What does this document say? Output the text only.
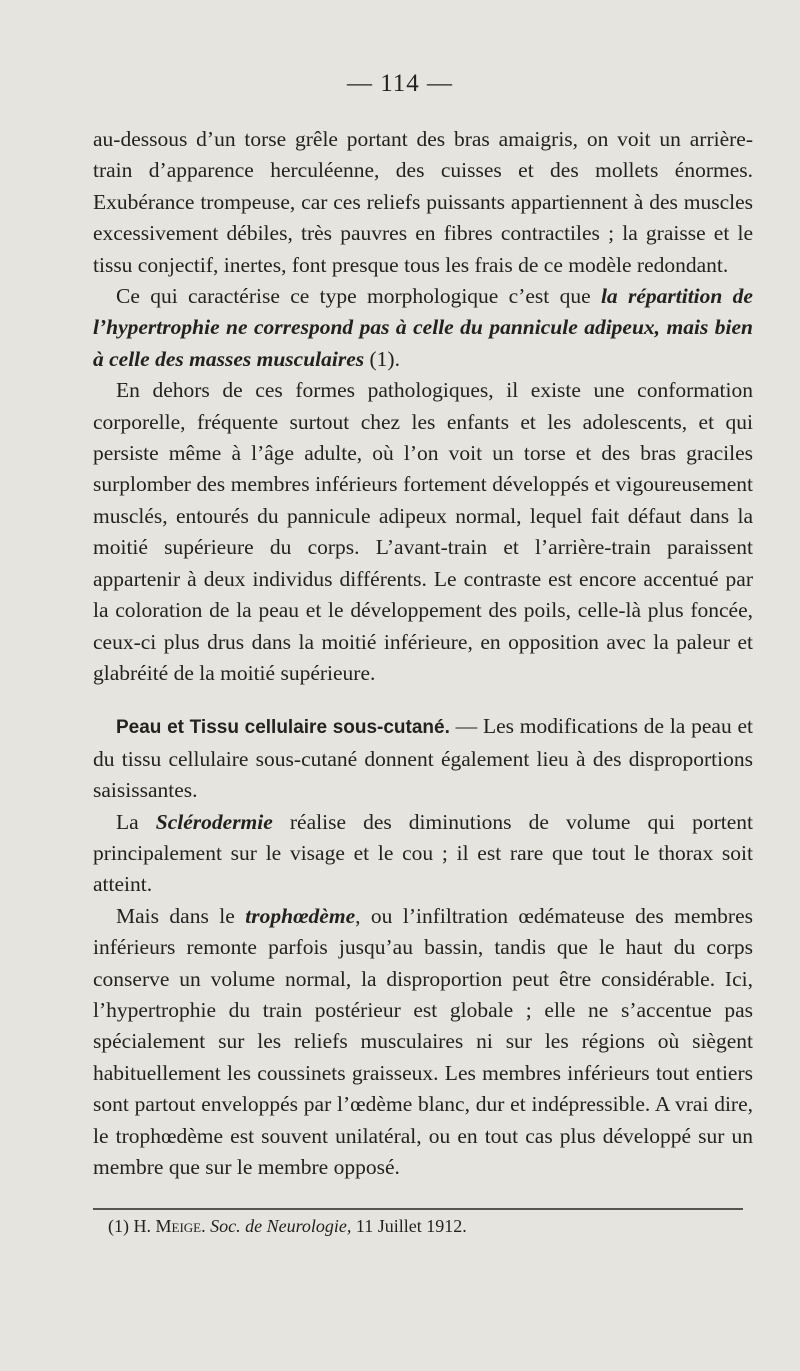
— 114 —

au-dessous d’un torse grêle portant des bras amaigris, on voit un arrière-train d’apparence herculéenne, des cuisses et des mollets énormes. Exubérance trompeuse, car ces reliefs puissants appartiennent à des muscles excessivement débiles, très pauvres en fibres contractiles ; la graisse et le tissu conjectif, inertes, font presque tous les frais de ce modèle redondant.

Ce qui caractérise ce type morphologique c’est que la répartition de l’hypertrophie ne correspond pas à celle du pannicule adipeux, mais bien à celle des masses musculaires (1).

En dehors de ces formes pathologiques, il existe une conformation corporelle, fréquente surtout chez les enfants et les adolescents, et qui persiste même à l’âge adulte, où l’on voit un torse et des bras graciles surplomber des membres inférieurs fortement développés et vigoureusement musclés, entourés du pannicule adipeux normal, lequel fait défaut dans la moitié supérieure du corps. L’avant-train et l’arrière-train paraissent appartenir à deux individus différents. Le contraste est encore accentué par la coloration de la peau et le développement des poils, celle-là plus foncée, ceux-ci plus drus dans la moitié inférieure, en opposition avec la paleur et glabréité de la moitié supérieure.

Peau et Tissu cellulaire sous-cutané. — Les modifications de la peau et du tissu cellulaire sous-cutané donnent également lieu à des disproportions saisissantes.

La Sclérodermie réalise des diminutions de volume qui portent principalement sur le visage et le cou ; il est rare que tout le thorax soit atteint.

Mais dans le trophœdème, ou l’infiltration œdémateuse des membres inférieurs remonte parfois jusqu’au bassin, tandis que le haut du corps conserve un volume normal, la disproportion peut être considérable. Ici, l’hypertrophie du train postérieur est globale ; elle ne s’accentue pas spécialement sur les reliefs musculaires ni sur les régions où siègent habituellement les coussinets graisseux. Les membres inférieurs tout entiers sont partout enveloppés par l’œdème blanc, dur et indépressible. A vrai dire, le trophœdème est souvent unilatéral, ou en tout cas plus développé sur un membre que sur le membre opposé.

(1) H. Meige. Soc. de Neurologie, 11 Juillet 1912.
